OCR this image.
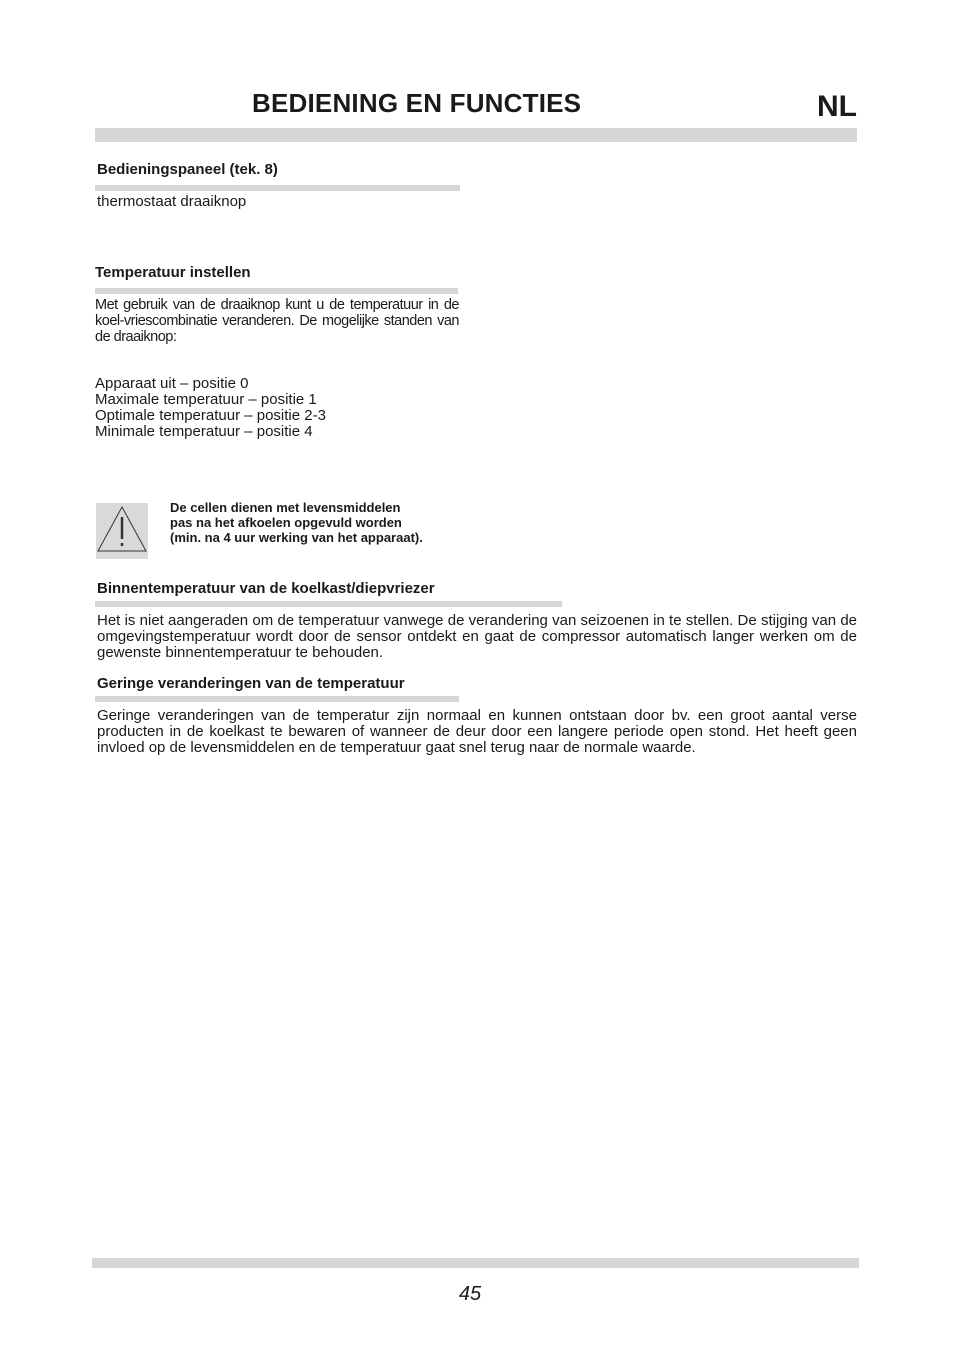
BEDIENING EN FUNCTIES	NL
Bedieningspaneel (tek. 8)
thermostaat draaiknop
Temperatuur instellen
Met gebruik van de draaiknop kunt u de temperatuur in de koel-vriescombinatie veranderen. De mogelijke standen van de draaiknop:
Apparaat uit – positie 0
Maximale temperatuur – positie 1
Optimale temperatuur – positie 2-3
Minimale temperatuur – positie 4
De cellen dienen met levensmiddelen
pas na het afkoelen opgevuld worden
(min. na 4 uur werking van het apparaat).
Binnentemperatuur van de koelkast/diepvriezer
Het is niet aangeraden om de temperatuur vanwege de verandering van seizoenen in te stellen. De stijging van de omgevingstemperatuur wordt door de sensor ontdekt en gaat de compressor automatisch langer werken om de gewenste binnentemperatuur te behouden.
Geringe veranderingen van de temperatuur
Geringe veranderingen van de temperatur zijn normaal en kunnen ontstaan door bv. een groot aantal verse producten in de koelkast te bewaren of wanneer de deur door een langere periode open stond. Het heeft geen invloed op de levensmiddelen en de temperatuur gaat snel terug naar de normale waarde.
45
